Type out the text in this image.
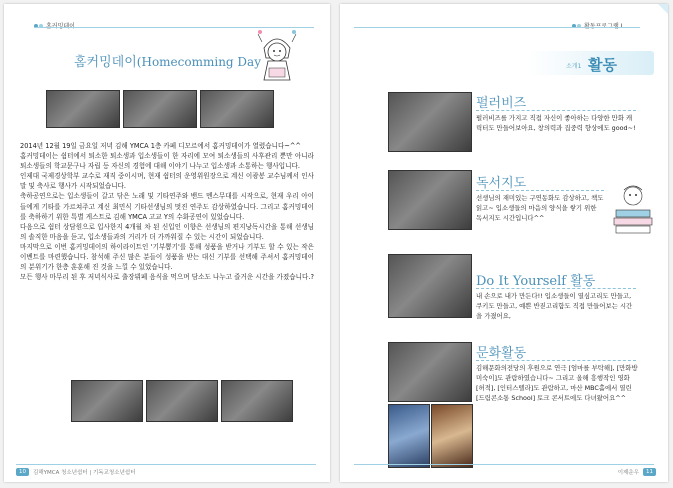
홈커밍데이(Homecomming Day

2014년 12월 19일 금요일 저녁 김해 YMCA 1층 카페 디모르에서 홈커밍데이가 열렸습니다~^^

홈커밍데이는 쉼터에서 퇴소한 퇴소생과 입소생들이 한 자리에 모여 퇴소생들의 사후관리 뿐만 아니라 퇴소생들의 학교문구나 자립 등 자신의 경험에 대해 이야기 나누고 입소생과 소통하는 행사입니다.

인제대 국제경상학부 교수로 재직 중이시며, 현재 쉼터의 운영위원장으로 계신 이광봉 교수님께서 인사말 및 축사로 행사가 시작되었습니다.

축하공연으로는 입소생들이 갈고 닦은 노래 및 기타연주와 밴드 멘스무대를 시작으로, 현재 우리 아이들에게 기타를 가르쳐주고 계신 최민식 기타선생님의 멋진 연주도 감상하였습니다. 그리고 홈커밍데이를 축하하기 위한 특별 게스트로 김해 YMCA 고교 Y의 수화공연이 있었습니다.

다음으로 쉼터 상담원으로 입사한지 4개월 차 된 신입인 이향은 선생님의 편지낭독시간을 통해 선생님의 솔직한 마음을 듣고, 입소생들과의 거리가 더 가까워질 수 있는 시간이 되었습니다.

마지막으로 이번 홈커밍데이의 하이라이트인 '기부뽑기'를 통해 성품을 받거나 기부도 할 수 있는 작은 이벤트를 마련했습니다. 참석해 주신 많은 분들이 성품을 받는 대신 기부를 선택해 주셔서 홈커밍데이의 분위기가 한층 훈훈해 진 것을 느낄 수 있었습니다.

모든 행사 마무리 된 후 저녁식사로 출장뷔페 음식을 먹으며 담소도 나누고 즐거운 시간을 가졌습니다.?

10	김해YMCA 청소년쉼터 | 기독교청소년쉼터
소개1 활동
펄러비즈
펄러비즈를 가지고 직접 자신이 좋아하는 다양한 만화 캐릭터도 만들어보아요, 창의력과 집중력 향상에도 good~!
독서지도
선생님의 재미있는 구연동화도 감상하고, 책도 읽고~ 입소생들의 마음의 양식을 쌓기 위한 독서지도 시간입니다^^
Do It Yourself 활동
내 손으로 내가 만든다!! 입소생들이 열심고리도 만들고, 쿠키도 만들고, 예쁜 반짇고리함도 직접 만들어보는 시간을 가졌어요,
문화활동
김해문화의전당의 후원으로 연극 [엄마를 부탁해], [만화방 미숙이]도 관람하였습니다~ 그리고 올해 흥행작인 영화 [허적], [인터스텔라]도 관람하고, 마산 MBC홀에서 열린 [드림콘소통 School] 토크 콘서트에도 다녀왔어요^^
이제운우	11
